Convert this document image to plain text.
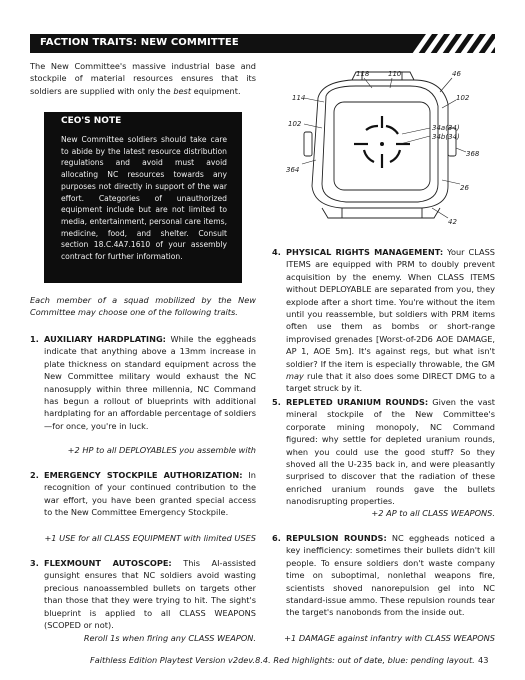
FACTION TRAITS: NEW COMMITTEE

The New Committee's massive industrial base and stockpile of material resources ensures that its soldiers are supplied with only the best equipment.

CEO'S NOTE
New Committee soldiers should take care to abide by the latest resource distribution regulations and avoid must avoid allocating NC resources towards any purposes not directly in support of the war effort. Categories of unauthorized equipment include but are not limited to media, entertainment, personal care items, medicine, food, and shelter. Consult section 18.C.4A7.1610 of your assembly contract for further information.

Each member of a squad mobilized by the New Committee may choose one of the following traits.

1. AUXILIARY HARDPLATING: While the eggheads indicate that anything above a 13mm increase in plate thickness on standard equipment across the New Committee military would exhaust the NC nanosupply within three millennia, NC Command has begun a rollout of blueprints with additional hardplating for an affordable percentage of soldiers—for once, you're in luck.

+2 HP to all DEPLOYABLES you assemble with
2. EMERGENCY STOCKPILE AUTHORIZATION: In recognition of your continued contribution to the war effort, you have been granted special access to the New Committee Emergency Stockpile.

+1 USE for all CLASS EQUIPMENT with limited USES
3. FLEXMOUNT AUTOSCOPE: This AI-assisted gunsight ensures that NC soldiers avoid wasting precious nanoassembled bullets on targets other than those that they were trying to hit. The sight's blueprint is applied to all CLASS WEAPONS (SCOPED or not).

Reroll 1s when firing any CLASS WEAPON.
118	110	46
114	102
102	34a(34)
34b(34)
368
364
26
42
4. PHYSICAL RIGHTS MANAGEMENT: Your CLASS ITEMS are equipped with PRM to doubly prevent acquisition by the enemy. When CLASS ITEMS without DEPLOYABLE are separated from you, they explode after a short time. You're without the item until you reassemble, but soldiers with PRM items often use them as bombs or short-range improvised grenades [Worst-of-2D6 AOE DAMAGE, AP 1, AOE 5m]. It's against regs, but what isn't soldier? If the item is especially throwable, the GM may rule that it also does some DIRECT DMG to a target struck by it.

5. REPLETED URANIUM ROUNDS: Given the vast mineral stockpile of the New Committee's corporate mining monopoly, NC Command figured: why settle for depleted uranium rounds, when you could use the good stuff? So they shoved all the U-235 back in, and were pleasantly surprised to discover that the radiation of these enriched uranium rounds gave the bullets nanodisrupting properties.

+2 AP to all CLASS WEAPONS.
6. REPULSION ROUNDS: NC eggheads noticed a key inefficiency: sometimes their bullets didn't kill people. To ensure soldiers don't waste company time on suboptimal, nonlethal weapons fire, scientists shoved nanorepulsion gel into NC standard-issue ammo. These repulsion rounds tear the target's nanobonds from the inside out.

+1 DAMAGE against infantry with CLASS WEAPONS
Faithless Edition Playtest Version v2dev.8.4. Red highlights: out of date, blue: pending layout. 43
